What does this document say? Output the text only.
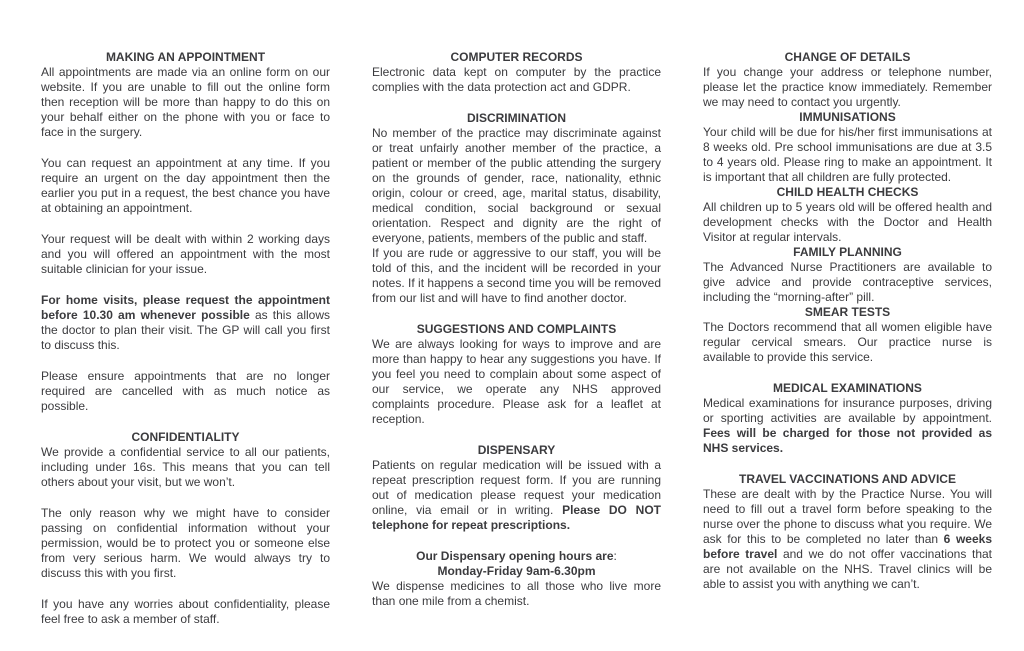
MAKING AN APPOINTMENT

All appointments are made via an online form on our website. If you are unable to fill out the online form then reception will be more than happy to do this on your behalf either on the phone with you or face to face in the surgery.

You can request an appointment at any time. If you require an urgent on the day appointment then the earlier you put in a request, the best chance you have at obtaining an appointment.

Your request will be dealt with within 2 working days and you will offered an appointment with the most suitable clinician for your issue.

For home visits, please request the appointment before 10.30 am whenever possible as this allows the doctor to plan their visit. The GP will call you first to discuss this.

Please ensure appointments that are no longer required are cancelled with as much notice as possible.

CONFIDENTIALITY

We provide a confidential service to all our patients, including under 16s. This means that you can tell others about your visit, but we won’t.

The only reason why we might have to consider passing on confidential information without your permission, would be to protect you or someone else from very serious harm. We would always try to discuss this with you first.

If you have any worries about confidentiality, please feel free to ask a member of staff.

COMPUTER RECORDS

Electronic data kept on computer by the practice complies with the data protection act and GDPR.

DISCRIMINATION

No member of the practice may discriminate against or treat unfairly another member of the practice, a patient or member of the public attending the surgery on the grounds of gender, race, nationality, ethnic origin, colour or creed, age, marital status, disability, medical condition, social background or sexual orientation. Respect and dignity are the right of everyone, patients, members of the public and staff.

If you are rude or aggressive to our staff, you will be told of this, and the incident will be recorded in your notes. If it happens a second time you will be removed from our list and will have to find another doctor.

SUGGESTIONS AND COMPLAINTS

We are always looking for ways to improve and are more than happy to hear any suggestions you have. If you feel you need to complain about some aspect of our service, we operate any NHS approved complaints procedure. Please ask for a leaflet at reception.

DISPENSARY

Patients on regular medication will be issued with a repeat prescription request form. If you are running out of medication please request your medication online, via email or in writing. Please DO NOT telephone for repeat prescriptions.

Our Dispensary opening hours are:

Monday-Friday 9am-6.30pm

We dispense medicines to all those who live more than one mile from a chemist.

CHANGE OF DETAILS

If you change your address or telephone number, please let the practice know immediately. Remember we may need to contact you urgently.

IMMUNISATIONS

Your child will be due for his/her first immunisations at 8 weeks old. Pre school immunisations are due at 3.5 to 4 years old. Please ring to make an appointment. It is important that all children are fully protected.

CHILD HEALTH CHECKS

All children up to 5 years old will be offered health and development checks with the Doctor and Health Visitor at regular intervals.

FAMILY PLANNING

The Advanced Nurse Practitioners are available to give advice and provide contraceptive services, including the “morning-after” pill.

SMEAR TESTS

The Doctors recommend that all women eligible have regular cervical smears. Our practice nurse is available to provide this service.

MEDICAL EXAMINATIONS

Medical examinations for insurance purposes, driving or sporting activities are available by appointment. Fees will be charged for those not provided as NHS services.

TRAVEL VACCINATIONS AND ADVICE

These are dealt with by the Practice Nurse. You will need to fill out a travel form before speaking to the nurse over the phone to discuss what you require. We ask for this to be completed no later than 6 weeks before travel and we do not offer vaccinations that are not available on the NHS. Travel clinics will be able to assist you with anything we can’t.
